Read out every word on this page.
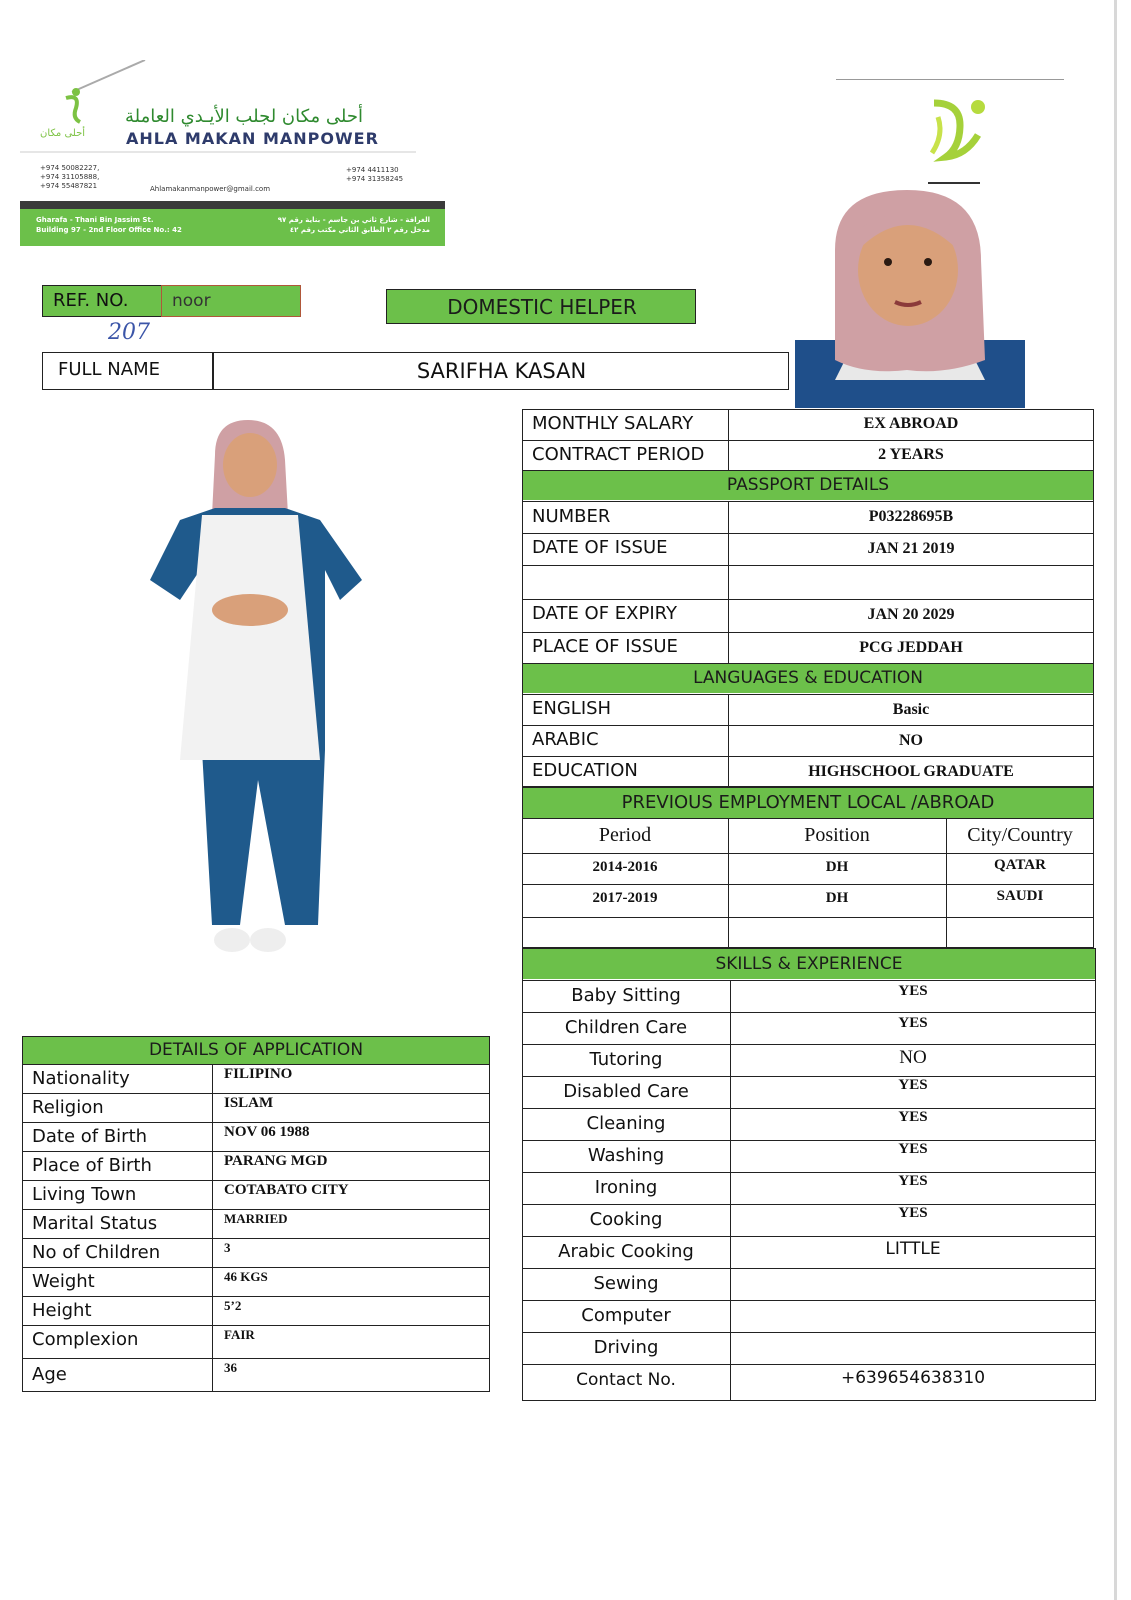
أحلى مكان لجلب الأيـدي العاملة
AHLA MAKAN MANPOWER
أحلى مكان
+974 50082227,
+974 31105888,
+974 55487821
+974 4411130
+974 31358245
Ahlamakanmanpower@gmail.com
Gharafa - Thani Bin Jassim St.
Building 97 - 2nd Floor Office No.: 42
الغرافة - شارع ثاني بن جاسم - بناية رقم ٩٧
مدخل رقم ٢ الطابق الثاني مكتب رقم ٤٢
REF. NO.	noor
207
DOMESTIC HELPER
FULL NAME	SARIFHA KASAN
PASSPORT DETAILS
LANGUAGES & EDUCATION
MONTHLY SALARY	EX ABROAD
CONTRACT PERIOD	2 YEARS
NUMBER	P03228695B
DATE OF ISSUE	JAN 21 2019
DATE OF EXPIRY	JAN 20 2029
PLACE OF ISSUE	PCG JEDDAH
ENGLISH	Basic
ARABIC	NO
EDUCATION	HIGHSCHOOL GRADUATE
PREVIOUS EMPLOYMENT LOCAL /ABROAD
Period	Position	City/Country
2014-2016	DH	QATAR
2017-2019	DH	SAUDI
SKILLS & EXPERIENCE
Baby Sitting	YES
Children Care	YES
Tutoring	NO
Disabled Care	YES
Cleaning	YES
Washing	YES
Ironing	YES
Cooking	YES
Arabic Cooking	LITTLE
Sewing
Computer
Driving
Contact No.	+639654638310
DETAILS OF APPLICATION
Nationality	FILIPINO
Religion	ISLAM
Date of Birth	NOV 06 1988
Place of Birth	PARANG MGD
Living Town	COTABATO CITY
Marital Status	MARRIED
No of Children	3
Weight	46 KGS
Height	5’2
Complexion	FAIR
Age	36
